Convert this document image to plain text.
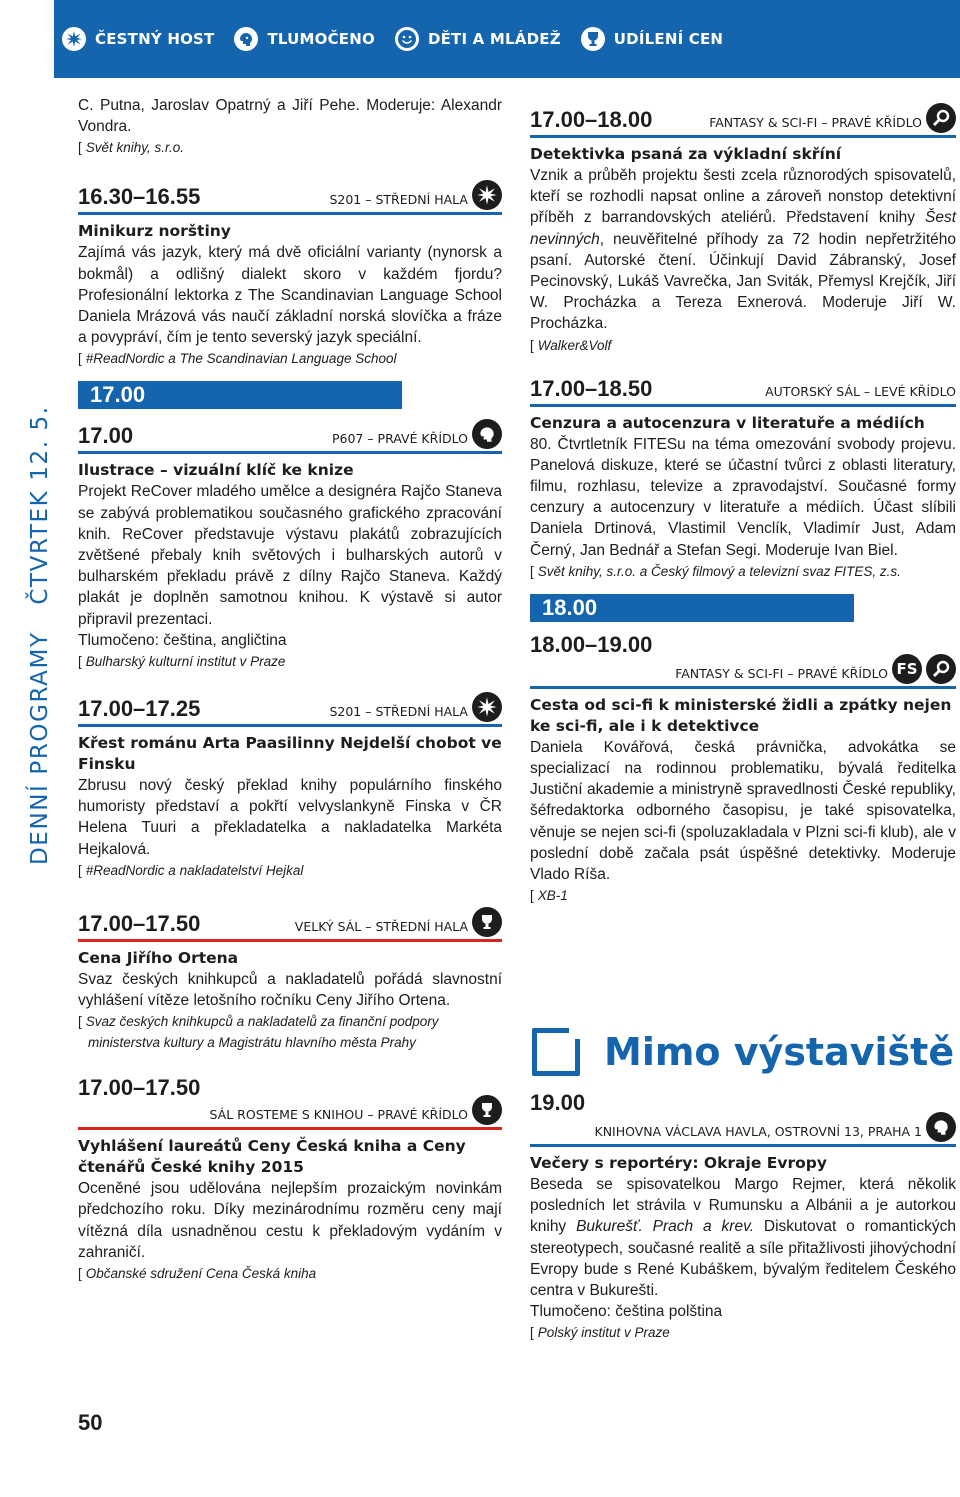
ČESTNÝ HOST	TLUMOČENO	DĚTI A MLÁDEŽ	UDÍLENÍ CEN
DENNÍ PROGRAMY   ČTVRTEK 12. 5.

C. Putna, Jaroslav Opatrný a Jiří Pehe. Moderuje: Alexandr Vondra.

[ Svět knihy, s.r.o.

16.30–16.55	S201 – STŘEDNÍ HALA

Minikurz norštiny

Zajímá vás jazyk, který má dvě oficiální varianty (nynorsk a bokmål) a odlišný dialekt skoro v každém fjordu? Profesionální lektorka z The Scandinavian Language School Daniela Mrázová vás naučí základní norská slovíčka a fráze a povypráví, čím je tento severský jazyk speciální.

[ #ReadNordic a The Scandinavian Language School

17.00
17.00	P607 – PRAVÉ KŘÍDLO

Ilustrace – vizuální klíč ke knize

Projekt ReCover mladého umělce a designéra Rajčo Staneva se zabývá problematikou současného grafického zpracování knih. ReCover představuje výstavu plakátů zobrazujících zvětšené přebaly knih světových i bulharských autorů v bulharském překladu právě z dílny Rajčo Staneva. Každý plakát je doplněn samotnou knihou. K výstavě si autor připravil prezentaci.

Tlumočeno: čeština, angličtina

[ Bulharský kulturní institut v Praze

17.00–17.25	S201 – STŘEDNÍ HALA

Křest románu Arta Paasilinny Nejdelší chobot ve Finsku

Zbrusu nový český překlad knihy populárního finského humoristy představí a pokřtí velvyslankyně Finska v ČR Helena Tuuri a překladatelka a nakladatelka Markéta Hejkalová.

[ #ReadNordic a nakladatelství Hejkal

17.00–17.50	VELKÝ SÁL – STŘEDNÍ HALA

Cena Jiřího Ortena

Svaz českých knihkupců a nakladatelů pořádá slavnostní vyhlášení vítěze letošního ročníku Ceny Jiřího Ortena.

[ Svaz českých knihkupců a nakladatelů za finanční podpory ministerstva kultury a Magistrátu hlavního města Prahy

17.00–17.50
SÁL ROSTEME S KNIHOU – PRAVÉ KŘÍDLO

Vyhlášení laureátů Ceny Česká kniha a Ceny čtenářů České knihy 2015

Oceněné jsou udělována nejlepším prozaickým novinkám předchozího roku. Díky mezinárodnímu rozměru ceny mají vítězná díla usnadněnou cestu k překladovým vydáním v zahraničí.

[ Občanské sdružení Cena Česká kniha

50
17.00–18.00	FANTASY & SCI-FI – PRAVÉ KŘÍDLO

Detektivka psaná za výkladní skříní

Vznik a průběh projektu šesti zcela různorodých spisovatelů, kteří se rozhodli napsat online a zároveň nonstop detektivní příběh z barrandovských ateliérů. Představení knihy Šest nevinných, neuvěřitelné příhody za 72 hodin nepřetržitého psaní. Autorské čtení. Účinkují David Zábranský, Josef Pecinovský, Lukáš Vavrečka, Jan Sviták, Přemysl Krejčík, Jiří W. Procházka a Tereza Exnerová. Moderuje Jiří W. Procházka.

[ Walker&Volf

17.00–18.50	AUTORSKÝ SÁL – LEVÉ KŘÍDLO

Cenzura a autocenzura v literatuře a médiích

80. Čtvrtletník FITESu na téma omezování svobody projevu. Panelová diskuze, které se účastní tvůrci z oblasti literatury, filmu, rozhlasu, televize a zpravodajství. Současné formy cenzury a autocenzury v literatuře a médiích. Účast slíbili Daniela Drtinová, Vlastimil Venclík, Vladimír Just, Adam Černý, Jan Bednář a Stefan Segi. Moderuje Ivan Biel.

[ Svět knihy, s.r.o. a Český filmový a televizní svaz FITES, z.s.

18.00
18.00–19.00
FANTASY & SCI-FI – PRAVÉ KŘÍDLO FS

Cesta od sci-fi k ministerské židli a zpátky nejen ke sci-fi, ale i k detektivce

Daniela Kovářová, česká právnička, advokátka se specializací na rodinnou problematiku, bývalá ředitelka Justiční akademie a ministryně spravedlnosti České republiky, šéfredaktorka odborného časopisu, je také spisovatelka, věnuje se nejen sci-fi (spoluzakladala v Plzni sci-fi klub), ale v poslední době začala psát úspěšné detektivky. Moderuje Vlado Ríša.

[ XB-1

Mimo výstaviště
19.00
KNIHOVNA VÁCLAVA HAVLA, OSTROVNÍ 13, PRAHA 1

Večery s reportéry: Okraje Evropy

Beseda se spisovatelkou Margo Rejmer, která několik posledních let strávila v Rumunsku a Albánii a je autorkou knihy Bukurešť. Prach a krev. Diskutovat o romantických stereotypech, současné realitě a síle přitažlivosti jihovýchodní Evropy bude s René Kubáškem, bývalým ředitelem Českého centra v Bukurešti.

Tlumočeno: čeština polština

[ Polský institut v Praze
